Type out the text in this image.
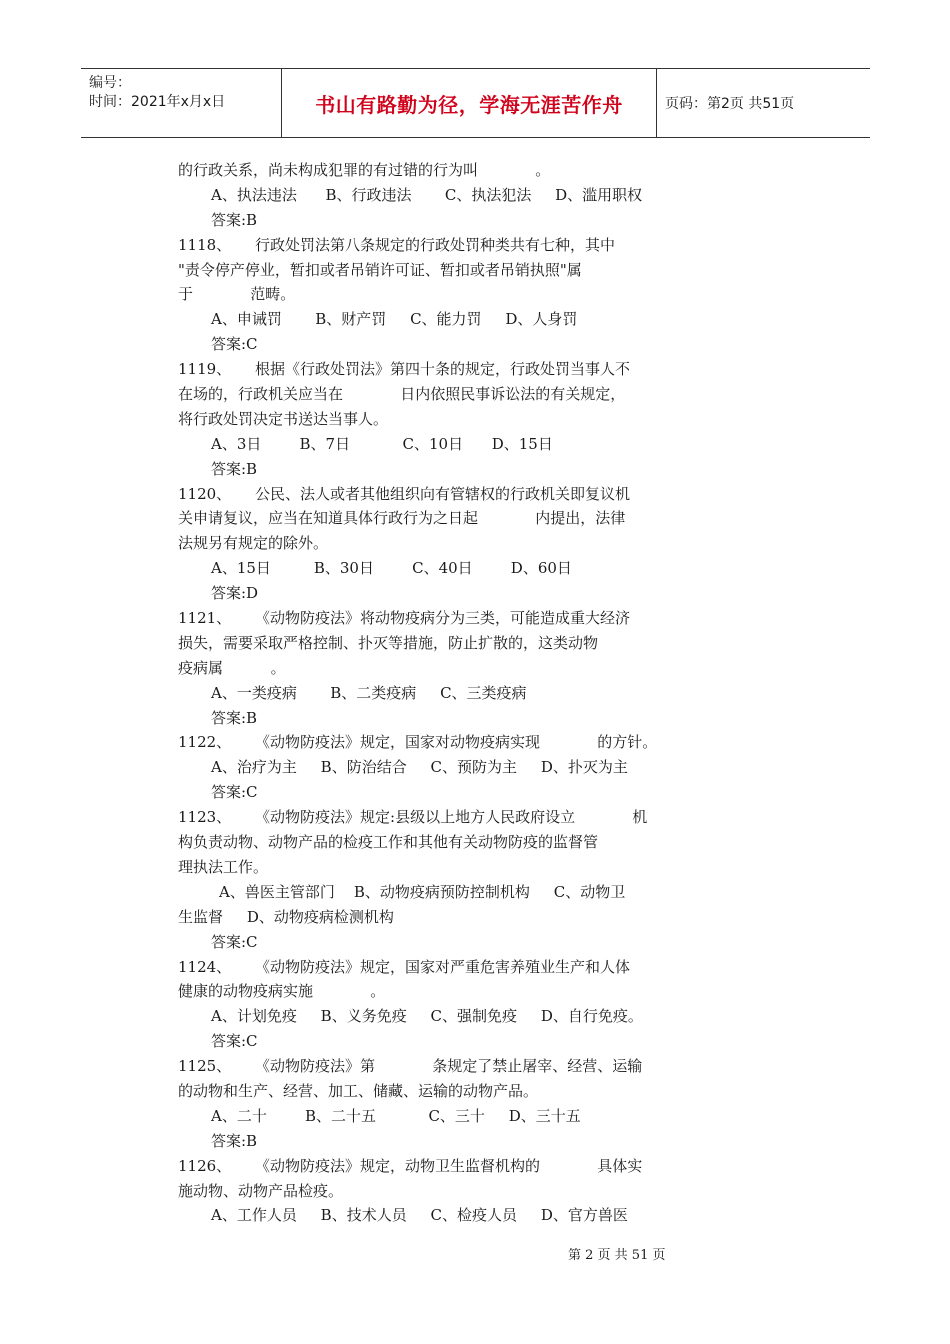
编号：
时间：2021年x月x日	书山有路勤为径，学海无涯苦作舟	页码：第2页 共51页
的行政关系，尚未构成犯罪的有过错的行为叫            。
A、执法违法      B、行政违法       C、执法犯法     D、滥用职权
答案:B
1118、     行政处罚法第八条规定的行政处罚种类共有七种，其中
"责令停产停业，暂扣或者吊销许可证、暂扣或者吊销执照"属
于            范畴。
A、申诫罚       B、财产罚     C、能力罚     D、人身罚
答案:C
1119、     根据《行政处罚法》第四十条的规定，行政处罚当事人不
在场的，行政机关应当在            日内依照民事诉讼法的有关规定，
将行政处罚决定书送达当事人。
A、3日        B、7日           C、10日      D、15日
答案:B
1120、     公民、法人或者其他组织向有管辖权的行政机关即复议机
关申请复议，应当在知道具体行政行为之日起            内提出，法律
法规另有规定的除外。
A、15日         B、30日        C、40日        D、60日
答案:D
1121、     《动物防疫法》将动物疫病分为三类，可能造成重大经济
损失，需要采取严格控制、扑灭等措施，防止扩散的，这类动物
疫病属          。
A、一类疫病       B、二类疫病     C、三类疫病
答案:B
1122、     《动物防疫法》规定，国家对动物疫病实现            的方针。
A、治疗为主     B、防治结合     C、预防为主     D、扑灭为主
答案:C
1123、     《动物防疫法》规定:县级以上地方人民政府设立            机
构负责动物、动物产品的检疫工作和其他有关动物防疫的监督管
理执法工作。
A、兽医主管部门    B、动物疫病预防控制机构     C、动物卫
生监督     D、动物疫病检测机构
答案:C
1124、     《动物防疫法》规定，国家对严重危害养殖业生产和人体
健康的动物疫病实施            。
A、计划免疫     B、义务免疫     C、强制免疫     D、自行免疫。
答案:C
1125、     《动物防疫法》第            条规定了禁止屠宰、经营、运输
的动物和生产、经营、加工、储藏、运输的动物产品。
A、二十        B、二十五           C、三十     D、三十五
答案:B
1126、     《动物防疫法》规定，动物卫生监督机构的            具体实
施动物、动物产品检疫。
A、工作人员     B、技术人员     C、检疫人员     D、官方兽医
第 2 页 共 51 页
